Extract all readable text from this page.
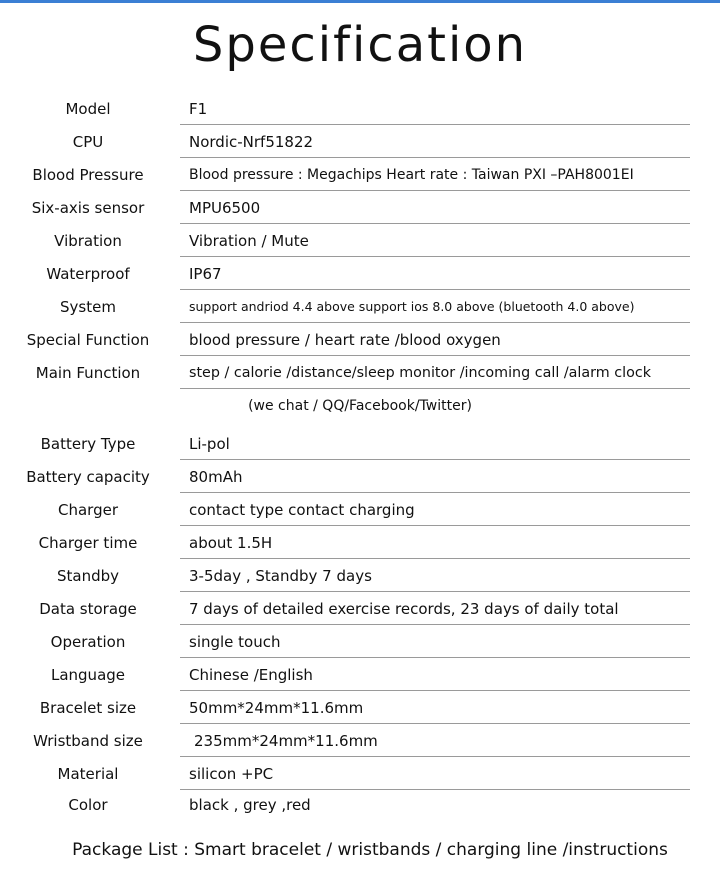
Specification
Model	F1
CPU	Nordic-Nrf51822
Blood Pressure	Blood pressure : Megachips Heart rate : Taiwan PXI –PAH8001EI
Six-axis sensor	MPU6500
Vibration	Vibration / Mute
Waterproof	IP67
System	support andriod 4.4 above support ios 8.0 above (bluetooth 4.0 above)
Special Function	blood pressure / heart rate /blood oxygen
Main Function	step / calorie /distance/sleep monitor /incoming call /alarm clock
(we chat / QQ/Facebook/Twitter)
Battery Type	Li-pol
Battery capacity	80mAh
Charger	contact type contact charging
Charger time	about 1.5H
Standby	3-5day , Standby 7 days
Data storage	7 days of detailed exercise records, 23 days of daily total
Operation	single touch
Language	Chinese /English
Bracelet size	50mm*24mm*11.6mm
Wristband size	235mm*24mm*11.6mm
Material	silicon +PC
Color	black , grey ,red
Package List : Smart bracelet / wristbands / charging line /instructions
